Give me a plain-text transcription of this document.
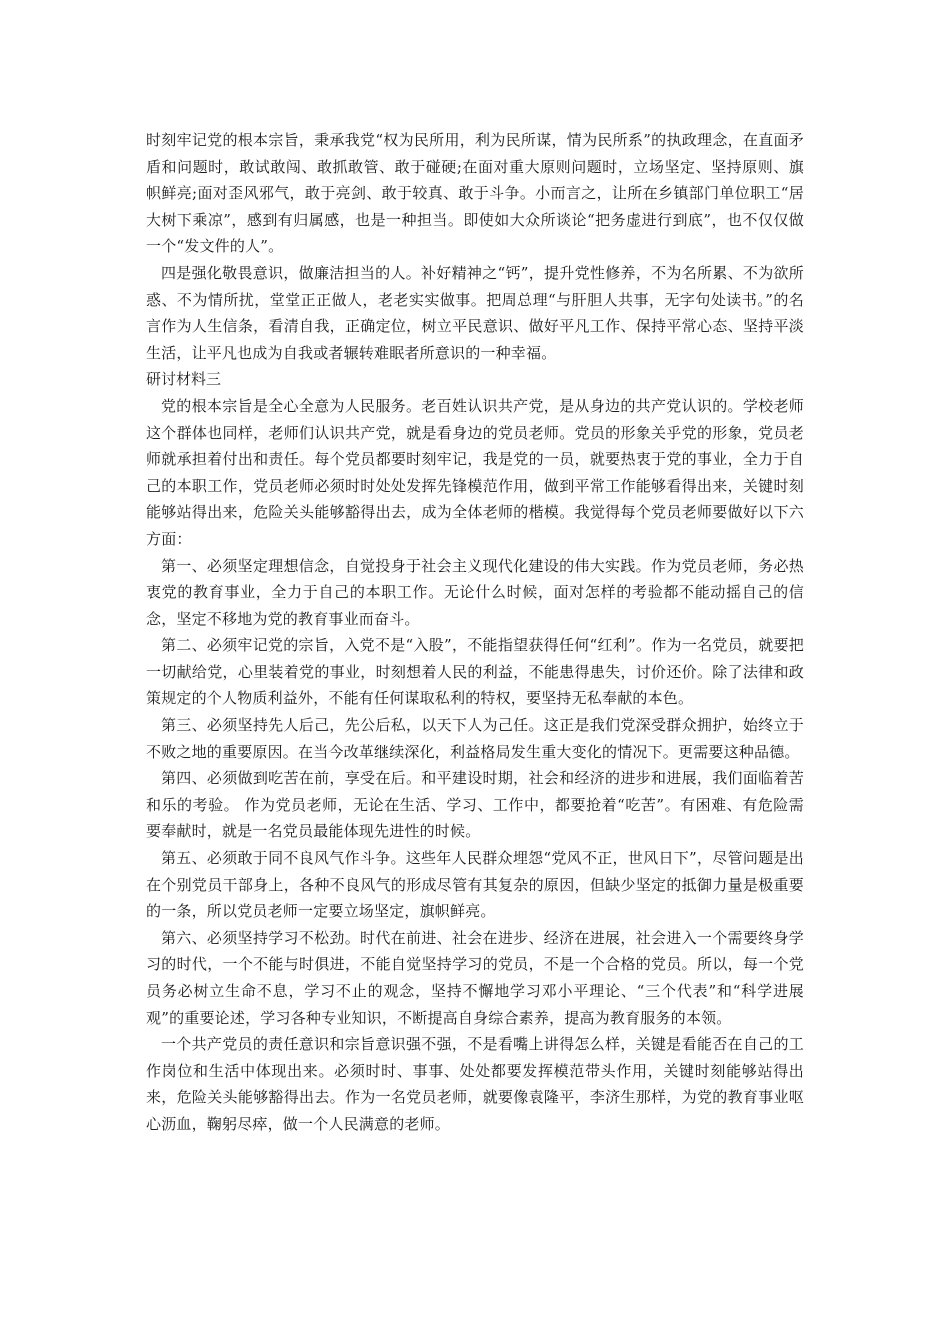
时刻牢记党的根本宗旨，秉承我党“权为民所用，利为民所谋，情为民所系”的执政理念，在直面矛盾和问题时，敢试敢闯、敢抓敢管、敢于碰硬;在面对重大原则问题时，立场坚定、坚持原则、旗帜鲜亮;面对歪风邪气，敢于亮剑、敢于较真、敢于斗争。小而言之，让所在乡镇部门单位职工“居大树下乘凉”，感到有归属感，也是一种担当。即使如大众所谈论“把务虚进行到底”，也不仅仅做一个“发文件的人”。

四是强化敬畏意识，做廉洁担当的人。补好精神之“钙”，提升党性修养，不为名所累、不为欲所惑、不为情所扰，堂堂正正做人，老老实实做事。把周总理“与肝胆人共事，无字句处读书。”的名言作为人生信条，看清自我，正确定位，树立平民意识、做好平凡工作、保持平常心态、坚持平淡生活，让平凡也成为自我或者辗转难眠者所意识的一种幸福。

研讨材料三

党的根本宗旨是全心全意为人民服务。老百姓认识共产党，是从身边的共产党认识的。学校老师这个群体也同样，老师们认识共产党，就是看身边的党员老师。党员的形象关乎党的形象，党员老师就承担着付出和责任。每个党员都要时刻牢记，我是党的一员，就要热衷于党的事业，全力于自己的本职工作，党员老师必须时时处处发挥先锋模范作用，做到平常工作能够看得出来，关键时刻能够站得出来，危险关头能够豁得出去，成为全体老师的楷模。我觉得每个党员老师要做好以下六方面：

第一、必须坚定理想信念，自觉投身于社会主义现代化建设的伟大实践。作为党员老师，务必热衷党的教育事业，全力于自己的本职工作。无论什么时候，面对怎样的考验都不能动摇自己的信念，坚定不移地为党的教育事业而奋斗。

第二、必须牢记党的宗旨，入党不是“入股”，不能指望获得任何“红利”。作为一名党员，就要把一切献给党，心里装着党的事业，时刻想着人民的利益，不能患得患失，讨价还价。除了法律和政策规定的个人物质利益外，不能有任何谋取私利的特权，要坚持无私奉献的本色。

第三、必须坚持先人后己，先公后私，以天下人为己任。这正是我们党深受群众拥护，始终立于不败之地的重要原因。在当今改革继续深化，利益格局发生重大变化的情况下。更需要这种品德。

第四、必须做到吃苦在前，享受在后。和平建设时期，社会和经济的进步和进展，我们面临着苦和乐的考验。 作为党员老师，无论在生活、学习、工作中，都要抢着“吃苦”。有困难、有危险需要奉献时，就是一名党员最能体现先进性的时候。

第五、必须敢于同不良风气作斗争。这些年人民群众埋怨“党风不正，世风日下”，尽管问题是出在个别党员干部身上，各种不良风气的形成尽管有其复杂的原因，但缺少坚定的抵御力量是极重要的一条，所以党员老师一定要立场坚定，旗帜鲜亮。

第六、必须坚持学习不松劲。时代在前进、社会在进步、经济在进展，社会进入一个需要终身学习的时代，一个不能与时俱进，不能自觉坚持学习的党员，不是一个合格的党员。所以，每一个党员务必树立生命不息，学习不止的观念，坚持不懈地学习邓小平理论、“三个代表”和“科学进展观”的重要论述，学习各种专业知识，不断提高自身综合素养，提高为教育服务的本领。

一个共产党员的责任意识和宗旨意识强不强，不是看嘴上讲得怎么样，关键是看能否在自己的工作岗位和生活中体现出来。必须时时、事事、处处都要发挥模范带头作用，关键时刻能够站得出来，危险关头能够豁得出去。作为一名党员老师，就要像袁隆平，李济生那样，为党的教育事业呕心沥血，鞠躬尽瘁，做一个人民满意的老师。
